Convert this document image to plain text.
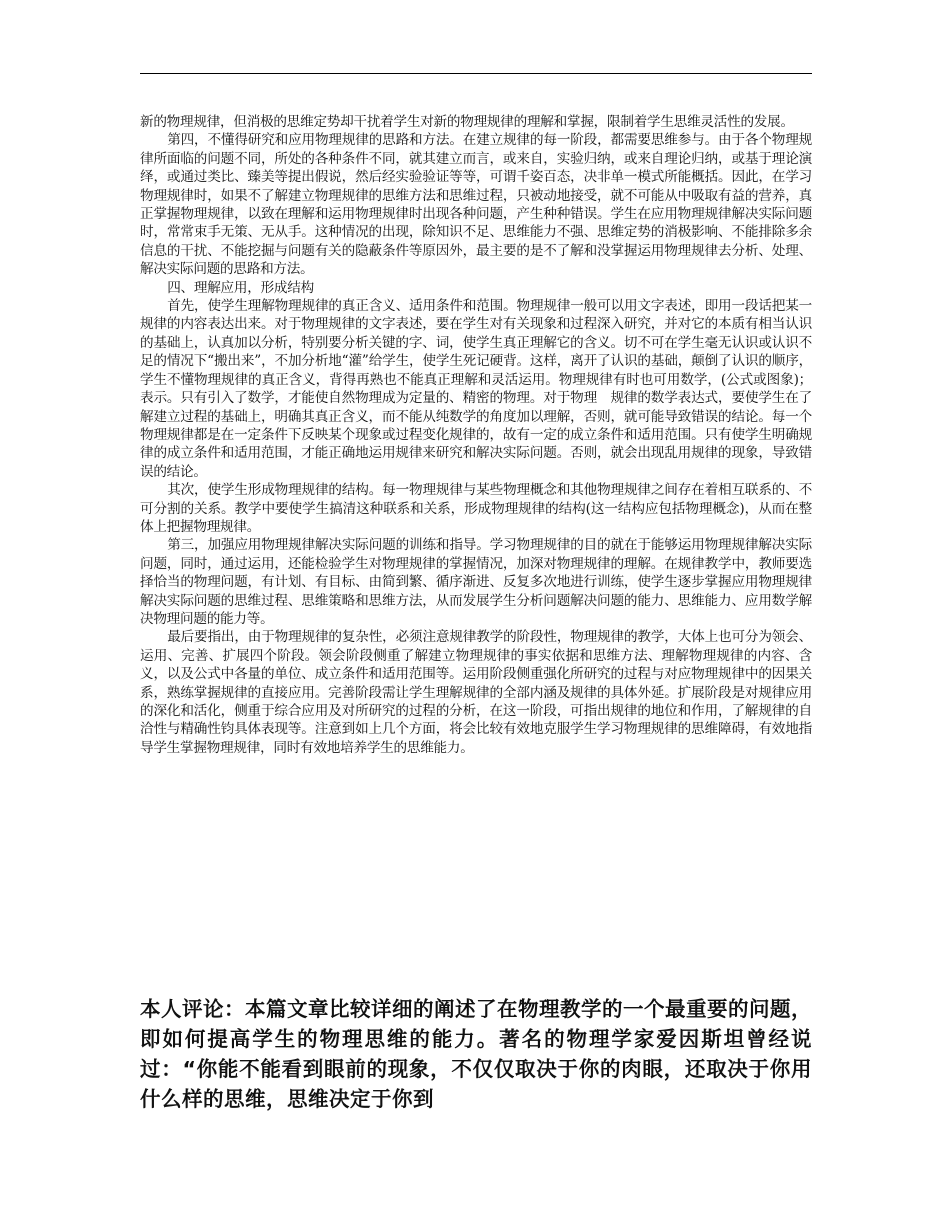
新的物理规律，但消极的思维定势却干扰着学生对新的物理规律的理解和掌握，限制着学生思维灵活性的发展。

第四，不懂得研究和应用物理规律的思路和方法。在建立规律的每一阶段，都需要思维参与。由于各个物理规律所面临的问题不同，所处的各种条件不同，就其建立而言，或来自，实验归纳，或来自理论归纳，或基于理论演绎，或通过类比、臻美等提出假说，然后经实验验证等等，可谓千姿百态，决非单一模式所能概括。因此，在学习物理规律时，如果不了解建立物理规律的思维方法和思维过程，只被动地接受，就不可能从中吸取有益的营养，真正掌握物理规律，以致在理解和运用物理规律时出现各种问题，产生种种错误。学生在应用物理规律解决实际问题时，常常束手无策、无从手。这种情况的出现，除知识不足、思维能力不强、思维定势的消极影响、不能排除多余信息的干扰、不能挖掘与问题有关的隐蔽条件等原因外，最主要的是不了解和没掌握运用物理规律去分析、处理、解决实际问题的思路和方法。

四、理解应用，形成结构

首先，使学生理解物理规律的真正含义、适用条件和范围。物理规律一般可以用文字表述，即用一段话把某一规律的内容表达出来。对于物理规律的文字表述，要在学生对有关现象和过程深入研究，并对它的本质有相当认识的基础上，认真加以分析，特别要分析关键的字、词，使学生真正理解它的含义。切不可在学生毫无认识或认识不足的情况下“搬出来”，不加分析地“灌”给学生，使学生死记硬背。这样，离开了认识的基础，颠倒了认识的顺序，学生不懂物理规律的真正含义，背得再熟也不能真正理解和灵活运用。物理规律有时也可用数学，(公式或图象)；表示。只有引入了数学，才能使自然物理成为定量的、精密的物理。对于物理　规律的数学表达式，要使学生在了解建立过程的基础上，明确其真正含义，而不能从纯数学的角度加以理解，否则，就可能导致错误的结论。每一个物理规律都是在一定条件下反映某个现象或过程变化规律的，故有一定的成立条件和适用范围。只有使学生明确规律的成立条件和适用范围，才能正确地运用规律来研究和解决实际问题。否则，就会出现乱用规律的现象，导致错误的结论。

其次，使学生形成物理规律的结构。每一物理规律与某些物理概念和其他物理规律之间存在着相互联系的、不可分割的关系。教学中要使学生搞清这种联系和关系，形成物理规律的结构(这一结构应包括物理概念)，从而在整体上把握物理规律。

第三，加强应用物理规律解决实际问题的训练和指导。学习物理规律的目的就在于能够运用物理规律解决实际问题，同时，通过运用，还能检验学生对物理规律的掌握情况，加深对物理规律的理解。在规律教学中，教师要选择恰当的物理问题，有计划、有目标、由简到繁、循序渐进、反复多次地进行训练，使学生逐步掌握应用物理规律解决实际问题的思维过程、思维策略和思维方法，从而发展学生分析问题解决问题的能力、思维能力、应用数学解决物理问题的能力等。

最后要指出，由于物理规律的复杂性，必须注意规律教学的阶段性，物理规律的教学，大体上也可分为领会、运用、完善、扩展四个阶段。领会阶段侧重了解建立物理规律的事实依据和思维方法、理解物理规律的内容、含义，以及公式中各量的单位、成立条件和适用范围等。运用阶段侧重强化所研究的过程与对应物理规律中的因果关系，熟练掌握规律的直接应用。完善阶段需让学生理解规律的全部内涵及规律的具体外延。扩展阶段是对规律应用的深化和活化，侧重于综合应用及对所研究的过程的分析，在这一阶段，可指出规律的地位和作用，了解规律的自洽性与精确性钧具体表现等。注意到如上几个方面，将会比较有效地克服学生学习物理规律的思维障碍，有效地指导学生掌握物理规律，同时有效地培养学生的思维能力。

本人评论：本篇文章比较详细的阐述了在物理教学的一个最重要的问题，即如何提高学生的物理思维的能力。著名的物理学家爱因斯坦曾经说过：“你能不能看到眼前的现象，不仅仅取决于你的肉眼，还取决于你用什么样的思维，思维决定于你到
